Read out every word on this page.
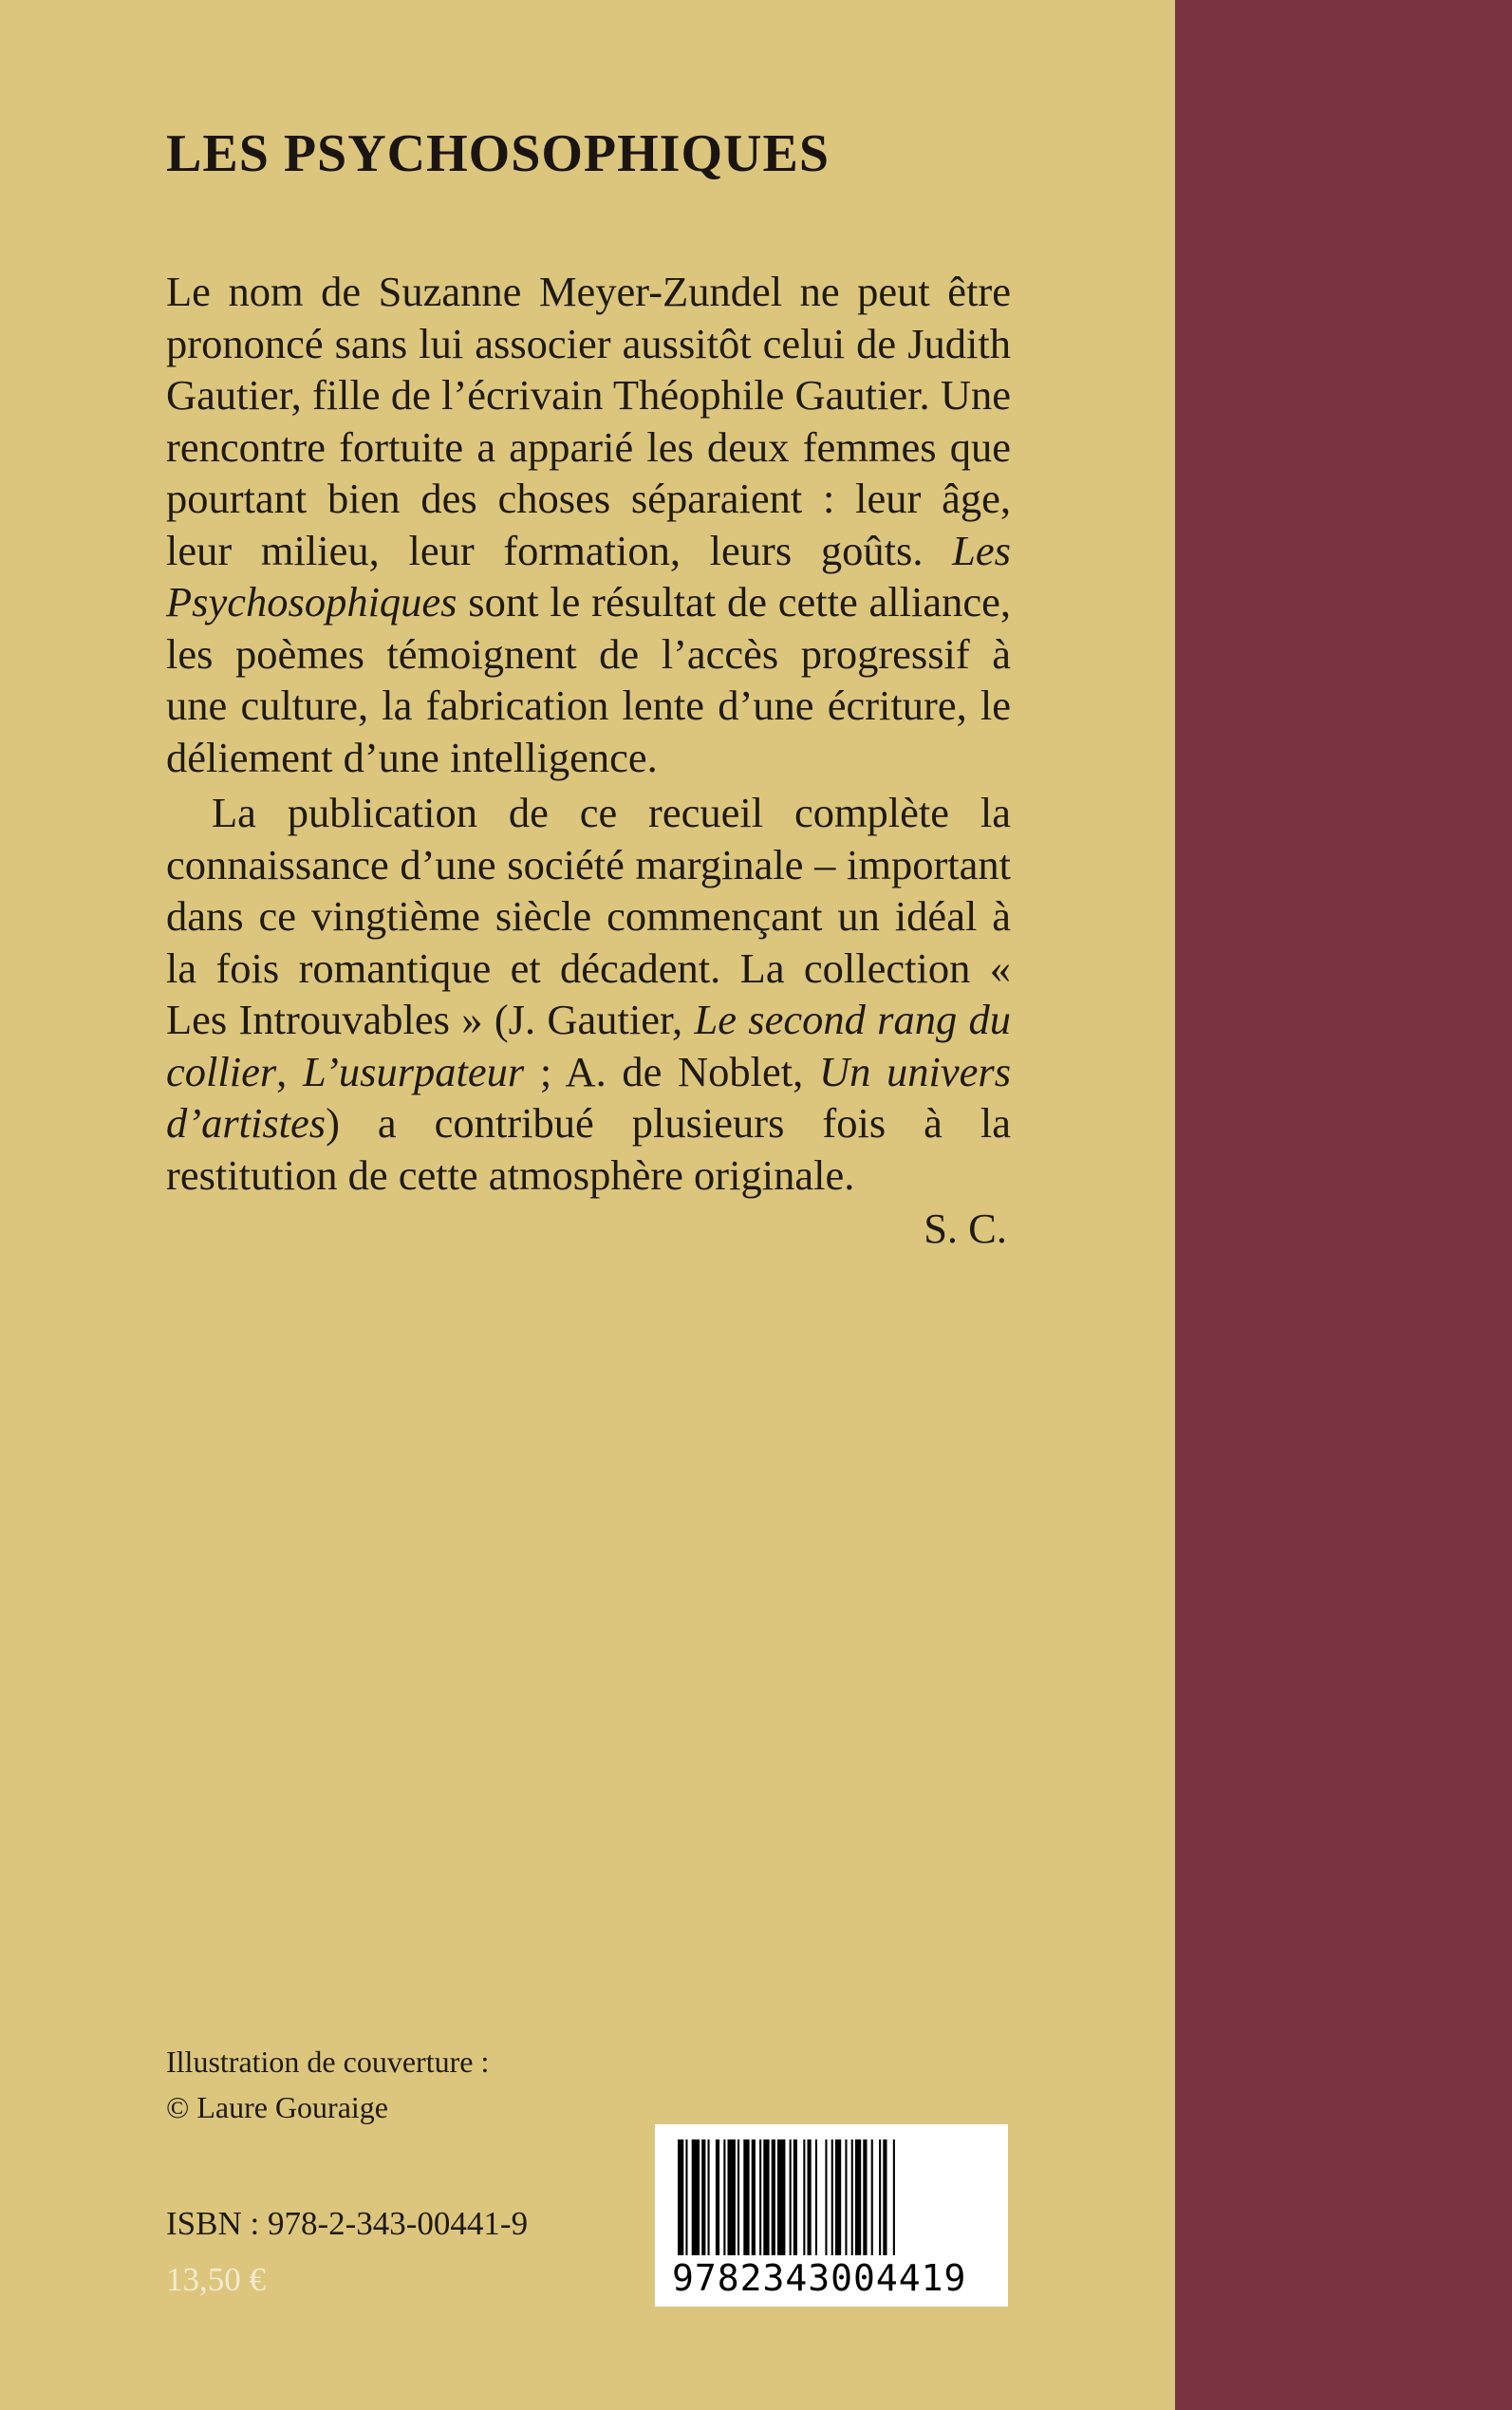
LES PSYCHOSOPHIQUES

Le nom de Suzanne Meyer-Zundel ne peut être prononcé sans lui associer aussitôt celui de Judith Gautier, fille de l’écrivain Théophile Gautier. Une rencontre fortuite a apparié les deux femmes que pourtant bien des choses séparaient : leur âge, leur milieu, leur formation, leurs goûts. Les Psychosophiques sont le résultat de cette alliance, les poèmes témoignent de l’accès progressif à une culture, la fabrication lente d’une écriture, le déliement d’une intelligence.

La publication de ce recueil complète la connaissance d’une société marginale – important dans ce vingtième siècle commençant un idéal à la fois romantique et décadent. La collection « Les Introuvables » (J. Gautier, Le second rang du collier, L’usurpateur ; A. de Noblet, Un univers d’artistes) a contribué plusieurs fois à la restitution de cette atmosphère originale.

S. C.

Illustration de couverture :
© Laure Gouraige
ISBN : 978-2-343-00441-9
13,50 €	9782343004419
